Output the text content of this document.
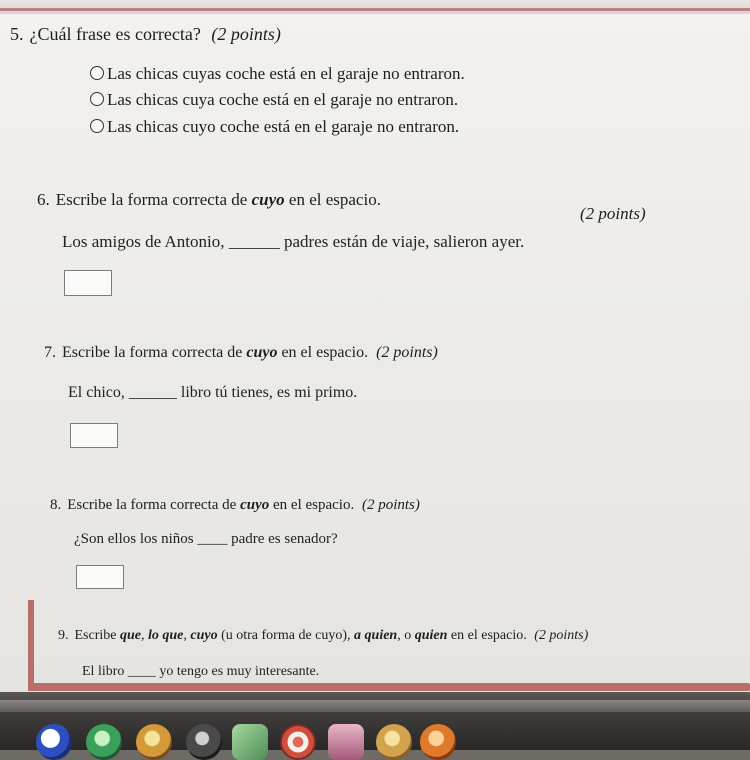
5. ¿Cuál frase es correcta? (2 points)
Las chicas cuyas coche está en el garaje no entraron.
Las chicas cuya coche está en el garaje no entraron.
Las chicas cuyo coche está en el garaje no entraron.
6. Escribe la forma correcta de cuyo en el espacio.
(2 points)
Los amigos de Antonio, ______ padres están de viaje, salieron ayer.
7. Escribe la forma correcta de cuyo en el espacio. (2 points)
El chico, ______ libro tú tienes, es mi primo.
8. Escribe la forma correcta de cuyo en el espacio. (2 points)
¿Son ellos los niños ____ padre es senador?
9. Escribe que, lo que, cuyo (u otra forma de cuyo), a quien, o quien en el espacio. (2 points)
El libro ____ yo tengo es muy interesante.
